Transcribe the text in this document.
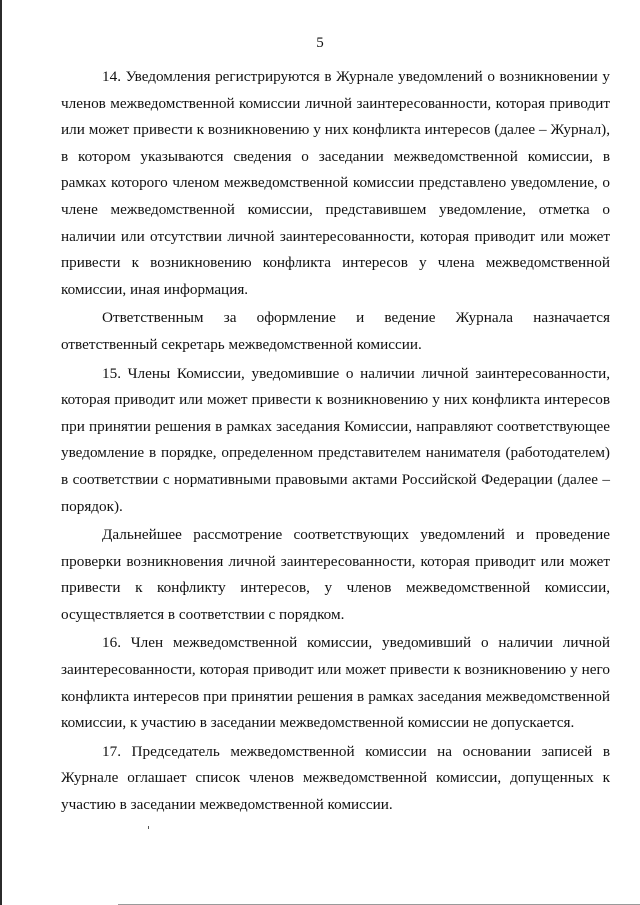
5

14. Уведомления регистрируются в Журнале уведомлений о возникновении у членов межведомственной комиссии личной заинтересованности, которая приводит или может привести к возникновению у них конфликта интересов (далее – Журнал), в котором указываются сведения о заседании межведомственной комиссии, в рамках которого членом межведомственной комиссии представлено уведомление, о члене межведомственной комиссии, представившем уведомление, отметка о наличии или отсутствии личной заинтересованности, которая приводит или может привести к возникновению конфликта интересов у члена межведомственной комиссии, иная информация.

Ответственным за оформление и ведение Журнала назначается ответственный секретарь межведомственной комиссии.

15. Члены Комиссии, уведомившие о наличии личной заинтересованности, которая приводит или может привести к возникновению у них конфликта интересов при принятии решения в рамках заседания Комиссии, направляют соответствующее уведомление в порядке, определенном представителем нанимателя (работодателем) в соответствии с нормативными правовыми актами Российской Федерации (далее – порядок).

Дальнейшее рассмотрение соответствующих уведомлений и проведение проверки возникновения личной заинтересованности, которая приводит или может привести к конфликту интересов, у членов межведомственной комиссии, осуществляется в соответствии с порядком.

16. Член межведомственной комиссии, уведомивший о наличии личной заинтересованности, которая приводит или может привести к возникновению у него конфликта интересов при принятии решения в рамках заседания межведомственной комиссии, к участию в заседании межведомственной комиссии не допускается.

17. Председатель межведомственной комиссии на основании записей в Журнале оглашает список членов межведомственной комиссии, допущенных к участию в заседании межведомственной комиссии.
